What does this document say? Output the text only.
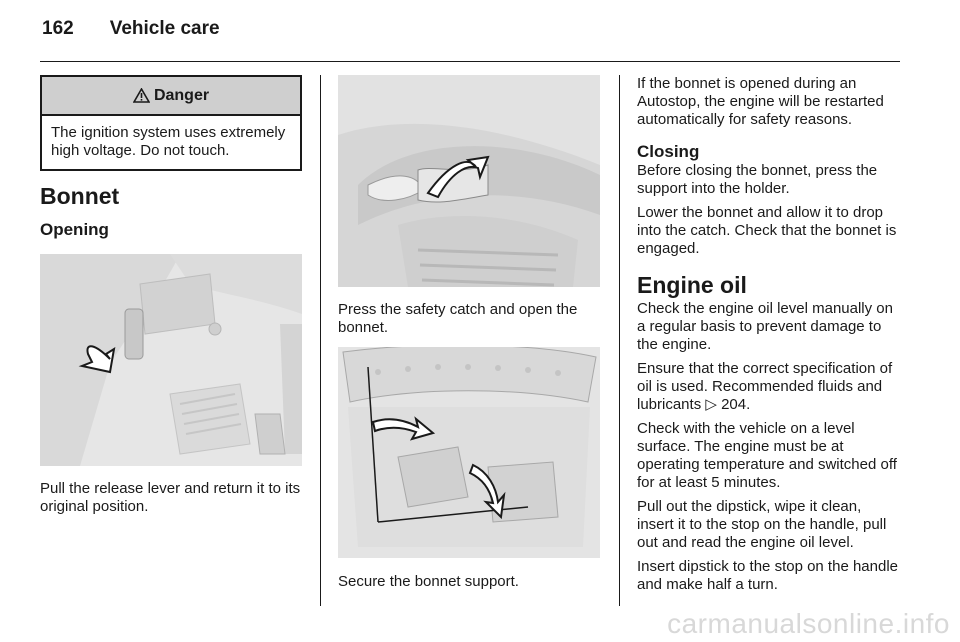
162 Vehicle care
Danger
The ignition system uses extremely high voltage. Do not touch.
Bonnet
Opening
Pull the release lever and return it to its original position.
Press the safety catch and open the bonnet.
Secure the bonnet support.
If the bonnet is opened during an Autostop, the engine will be restarted automatically for safety reasons.
Closing
Before closing the bonnet, press the support into the holder.
Lower the bonnet and allow it to drop into the catch. Check that the bonnet is engaged.
Engine oil
Check the engine oil level manually on a regular basis to prevent damage to the engine.
Ensure that the correct specification of oil is used. Recommended fluids and lubricants ▷ 204.
Check with the vehicle on a level surface. The engine must be at operating temperature and switched off for at least 5 minutes.
Pull out the dipstick, wipe it clean, insert it to the stop on the handle, pull out and read the engine oil level.
Insert dipstick to the stop on the handle and make half a turn.
carmanualsonline.info
